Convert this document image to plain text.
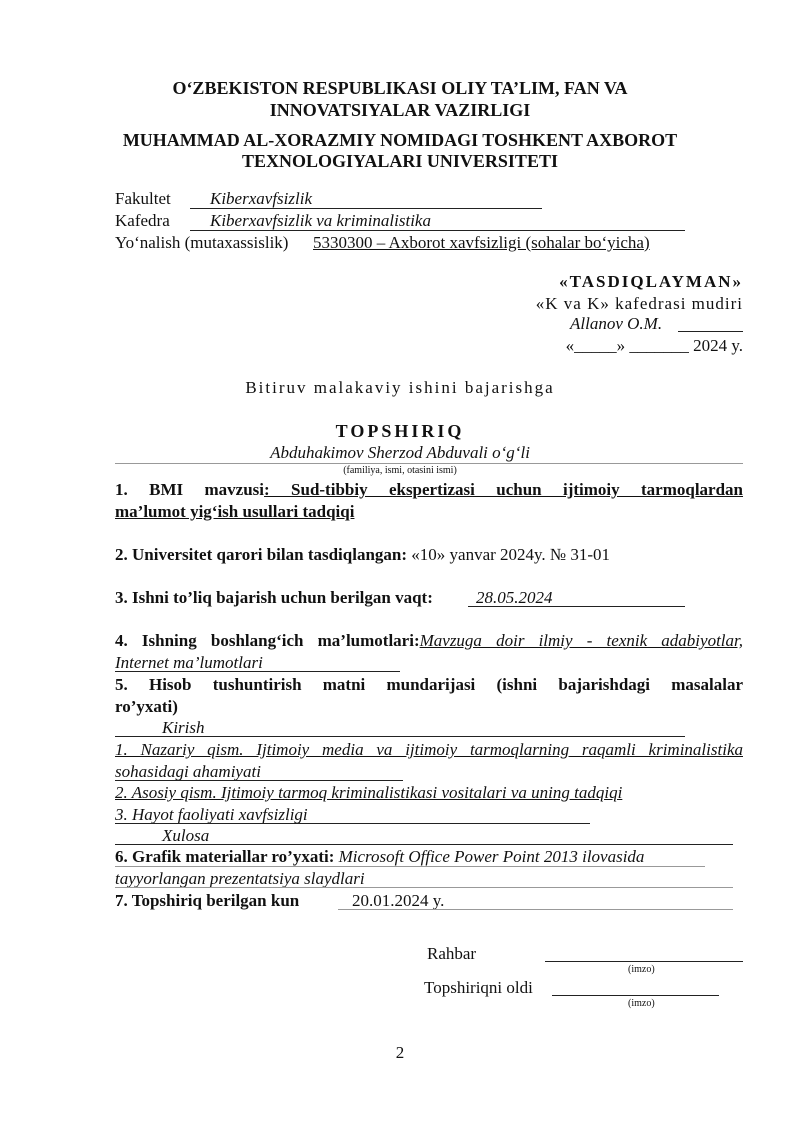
O‘ZBEKISTON RESPUBLIKASI OLIY TA’LIM, FAN VA
INNOVATSIYALAR VAZIRLIGI
MUHAMMAD AL-XORAZMIY NOMIDAGI TOSHKENT AXBOROT
TEXNOLOGIYALARI UNIVERSITETI
Fakultet Kiberxavfsizlik
Kafedra Kiberxavfsizlik va kriminalistika
Yo‘nalish (mutaxassislik) 5330300 – Axborot xavfsizligi (sohalar bo‘yicha)
«TASDIQLAYMAN»
«K va K» kafedrasi mudiri
Allanov O.M.
«_____» _______ 2024 y.
Bitiruv malakaviy ishini bajarishga
TOPSHIRIQ
Abduhakimov Sherzod Abduvali o‘g‘li
(familiya, ismi, otasini ismi)
1. BMI mavzusi: Sud-tibbiy ekspertizasi uchun ijtimoiy tarmoqlardan
ma’lumot yig‘ish usullari tadqiqi
2. Universitet qarori bilan tasdiqlangan: «10» yanvar 2024y. № 31-01
3. Ishni to’liq bajarish uchun berilgan vaqt:	28.05.2024
4. Ishning boshlang‘ich ma’lumotlari:Mavzuga doir ilmiy - texnik adabiyotlar,
Internet ma’lumotlari
5. Hisob tushuntirish matni mundarijasi (ishni bajarishdagi masalalar
ro’yxati)
Kirish
1. Nazariy qism. Ijtimoiy media va ijtimoiy tarmoqlarning raqamli kriminalistika
sohasidagi ahamiyati
2. Asosiy qism. Ijtimoiy tarmoq kriminalistikasi vositalari va uning tadqiqi
3. Hayot faoliyati xavfsizligi
Xulosa
6. Grafik materiallar ro’yxati: Microsoft Office Power Point 2013 ilovasida
tayyorlangan prezentatsiya slaydlari
7. Topshiriq berilgan kun	20.01.2024 y.
Rahbar
(imzo)
Topshiriqni oldi
(imzo)
2
